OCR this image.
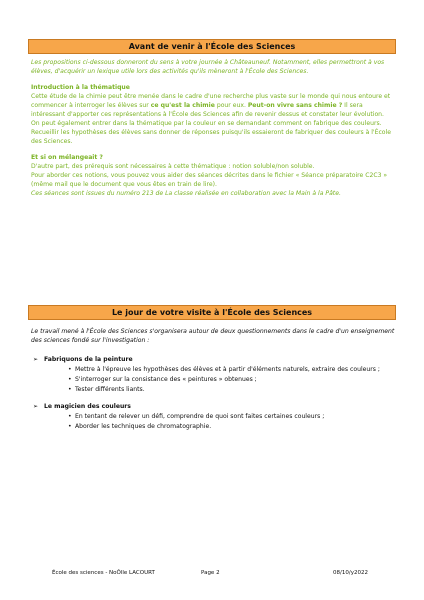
Avant de venir à l'École des Sciences

Les propositions ci-dessous donneront du sens à votre journée à Châteauneuf. Notamment, elles permettront à vos élèves, d'acquérir un lexique utile lors des activités qu'ils mèneront à l'École des Sciences.

Introduction à la thématique

Cette étude de la chimie peut être menée dans le cadre d'une recherche plus vaste sur le monde qui nous entoure et commencer à interroger les élèves sur ce qu'est la chimie pour eux. Peut-on vivre sans chimie ? Il sera intéressant d'apporter ces représentations à l'École des Sciences afin de revenir dessus et constater leur évolution.

On peut également entrer dans la thématique par la couleur en se demandant comment on fabrique des couleurs. Recueillir les hypothèses des élèves sans donner de réponses puisqu'ils essaieront de fabriquer des couleurs à l'École des Sciences.

Et si on mélangeait ?

D'autre part, des prérequis sont nécessaires à cette thématique : notion soluble/non soluble.

Pour aborder ces notions, vous pouvez vous aider des séances décrites dans le fichier « Séance préparatoire C2C3 » (même mail que le document que vous êtes en train de lire).

Ces séances sont issues du numéro 213 de La classe réalisée en collaboration avec la Main à la Pâte.

Le jour de votre visite à l'École des Sciences

Le travail mené à l'École des Sciences s'organisera autour de deux questionnements dans le cadre d'un enseignement des sciences fondé sur l'investigation :

➢ Fabriquons de la peinture
• Mettre à l'épreuve les hypothèses des élèves et à partir d'éléments naturels, extraire des couleurs ;
• S'interroger sur la consistance des « peintures » obtenues ;
• Tester différents liants.
➢ Le magicien des couleurs
• En tentant de relever un défi, comprendre de quoi sont faites certaines couleurs ;
• Aborder les techniques de chromatographie.
École des sciences - NoÔlle LACOURT	Page 2	08/10/y2022
